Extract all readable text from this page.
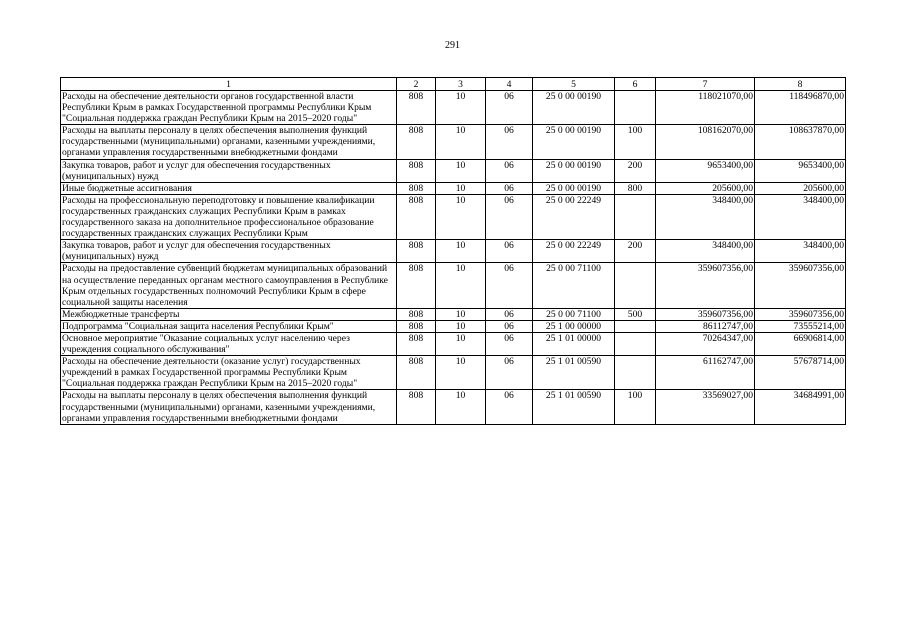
291
1	2	3	4	5	6	7	8
Расходы на обеспечение деятельности органов государственной власти Республики Крым в рамках Государственной программы Республики Крым "Социальная поддержка граждан Республики Крым на 2015–2020 годы"	808	10	06	25 0 00 00190		118021070,00	118496870,00
Расходы на выплаты персоналу в целях обеспечения выполнения функций государственными (муниципальными) органами, казенными учреждениями, органами управления государственными внебюджетными фондами	808	10	06	25 0 00 00190	100	108162070,00	108637870,00
Закупка товаров, работ и услуг для обеспечения государственных (муниципальных) нужд	808	10	06	25 0 00 00190	200	9653400,00	9653400,00
Иные бюджетные ассигнования	808	10	06	25 0 00 00190	800	205600,00	205600,00
Расходы на профессиональную переподготовку и повышение квалификации государственных гражданских служащих Республики Крым в рамках государственного заказа на дополнительное профессиональное образование государственных гражданских служащих Республики Крым	808	10	06	25 0 00 22249		348400,00	348400,00
Закупка товаров, работ и услуг для обеспечения государственных (муниципальных) нужд	808	10	06	25 0 00 22249	200	348400,00	348400,00
Расходы на предоставление субвенций бюджетам муниципальных образований на осуществление переданных органам местного самоуправления в Республике Крым отдельных государственных полномочий Республики Крым в сфере социальной защиты населения	808	10	06	25 0 00 71100		359607356,00	359607356,00
Межбюджетные трансферты	808	10	06	25 0 00 71100	500	359607356,00	359607356,00
Подпрограмма "Социальная защита населения Республики Крым"	808	10	06	25 1 00 00000		86112747,00	73555214,00
Основное мероприятие "Оказание социальных услуг населению через учреждения социального обслуживания"	808	10	06	25 1 01 00000		70264347,00	66906814,00
Расходы на обеспечение деятельности (оказание услуг) государственных учреждений в рамках Государственной программы Республики Крым "Социальная поддержка граждан Республики Крым на 2015–2020 годы"	808	10	06	25 1 01 00590		61162747,00	57678714,00
Расходы на выплаты персоналу в целях обеспечения выполнения функций государственными (муниципальными) органами, казенными учреждениями, органами управления государственными внебюджетными фондами	808	10	06	25 1 01 00590	100	33569027,00	34684991,00
